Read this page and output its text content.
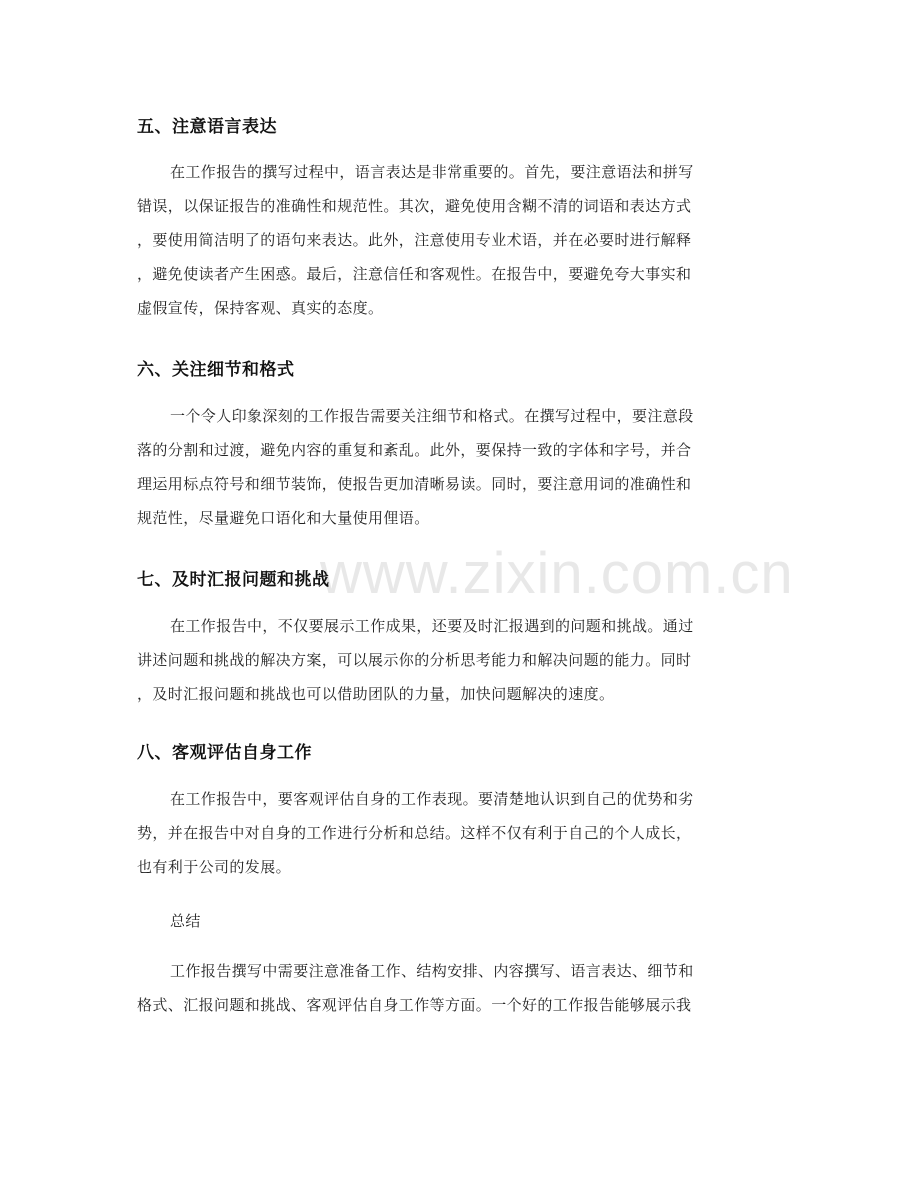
www.zixin.com.cn
五、注意语言表达
在工作报告的撰写过程中，语言表达是非常重要的。首先，要注意语法和拼写
错误，以保证报告的准确性和规范性。其次，避免使用含糊不清的词语和表达方式
，要使用简洁明了的语句来表达。此外，注意使用专业术语，并在必要时进行解释
，避免使读者产生困惑。最后，注意信任和客观性。在报告中，要避免夸大事实和
虚假宣传，保持客观、真实的态度。
六、关注细节和格式
一个令人印象深刻的工作报告需要关注细节和格式。在撰写过程中，要注意段
落的分割和过渡，避免内容的重复和紊乱。此外，要保持一致的字体和字号，并合
理运用标点符号和细节装饰，使报告更加清晰易读。同时，要注意用词的准确性和
规范性，尽量避免口语化和大量使用俚语。
七、及时汇报问题和挑战
在工作报告中，不仅要展示工作成果，还要及时汇报遇到的问题和挑战。通过
讲述问题和挑战的解决方案，可以展示你的分析思考能力和解决问题的能力。同时
，及时汇报问题和挑战也可以借助团队的力量，加快问题解决的速度。
八、客观评估自身工作
在工作报告中，要客观评估自身的工作表现。要清楚地认识到自己的优势和劣
势，并在报告中对自身的工作进行分析和总结。这样不仅有利于自己的个人成长，
也有利于公司的发展。
总结
工作报告撰写中需要注意准备工作、结构安排、内容撰写、语言表达、细节和
格式、汇报问题和挑战、客观评估自身工作等方面。一个好的工作报告能够展示我
